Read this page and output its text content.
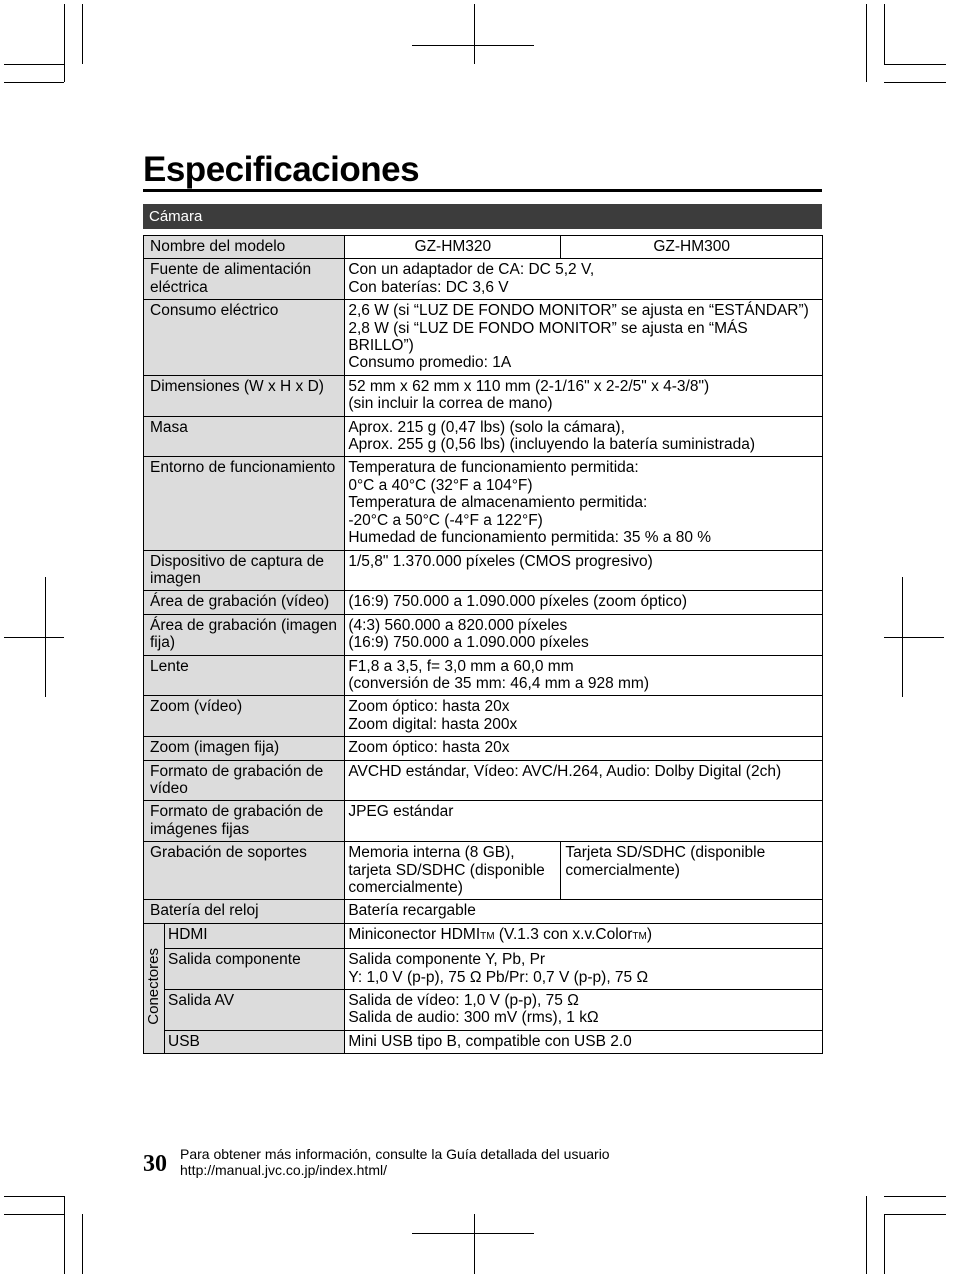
Especificaciones
Cámara
Nombre del modelo		GZ-HM320	GZ-HM300
Fuente de alimentación eléctrica		Con un adaptador de CA: DC 5,2 V,
Con baterías: DC 3,6 V	

Consumo eléctrico		2,6 W (si “LUZ DE FONDO MONITOR” se ajusta en “ESTÁNDAR”)
2,8 W (si “LUZ DE FONDO MONITOR” se ajusta en “MÁS BRILLO”)
Consumo promedio: 1A	

Dimensiones (W x H x D)		52 mm x 62 mm x 110 mm (2-1/16" x 2-2/5" x 4-3/8")
(sin incluir la correa de mano)	

Masa		Aprox. 215 g (0,47 lbs) (solo la cámara),
Aprox. 255 g (0,56 lbs) (incluyendo la batería suministrada)	

Entorno de funcionamiento		Temperatura de funcionamiento permitida:
0°C a 40°C (32°F a 104°F)
Temperatura de almacenamiento permitida:
-20°C a 50°C (-4°F a 122°F)
Humedad de funcionamiento permitida: 35 % a 80 %	

Dispositivo de captura de imagen		1/5,8" 1.370.000 píxeles (CMOS progresivo)	

Área de grabación (vídeo)		(16:9) 750.000 a 1.090.000 píxeles (zoom óptico)	

Área de grabación (imagen fija)		(4:3) 560.000 a 820.000 píxeles
(16:9) 750.000 a 1.090.000 píxeles	

Lente		F1,8 a 3,5, f= 3,0 mm a 60,0 mm
(conversión de 35 mm: 46,4 mm a 928 mm)	

Zoom (vídeo)		Zoom óptico: hasta 20x
Zoom digital: hasta 200x	

Zoom (imagen fija)		Zoom óptico: hasta 20x	

Formato de grabación de vídeo		AVCHD estándar, Vídeo: AVC/H.264, Audio: Dolby Digital (2ch)	

Formato de grabación de imágenes fijas		JPEG estándar	

Grabación de soportes		Memoria interna (8 GB), tarjeta SD/SDHC (disponible comercialmente)	Tarjeta SD/SDHC (disponible comercialmente)
Batería del reloj		Batería recargable	
Conectores	HDMI	Miniconector HDMITM (V.1.3 con x.v.ColorTM)	
	Salida componente	Salida componente Y, Pb, Pr
Y: 1,0 V (p-p), 75 Ω Pb/Pr: 0,7 V (p-p), 75 Ω	

	Salida AV	Salida de vídeo: 1,0 V (p-p), 75 Ω
Salida de audio: 300 mV (rms), 1 kΩ	

	USB	Mini USB tipo B, compatible con USB 2.0	
30 Para obtener más información, consulte la Guía detallada del usuario
http://manual.jvc.co.jp/index.html/
